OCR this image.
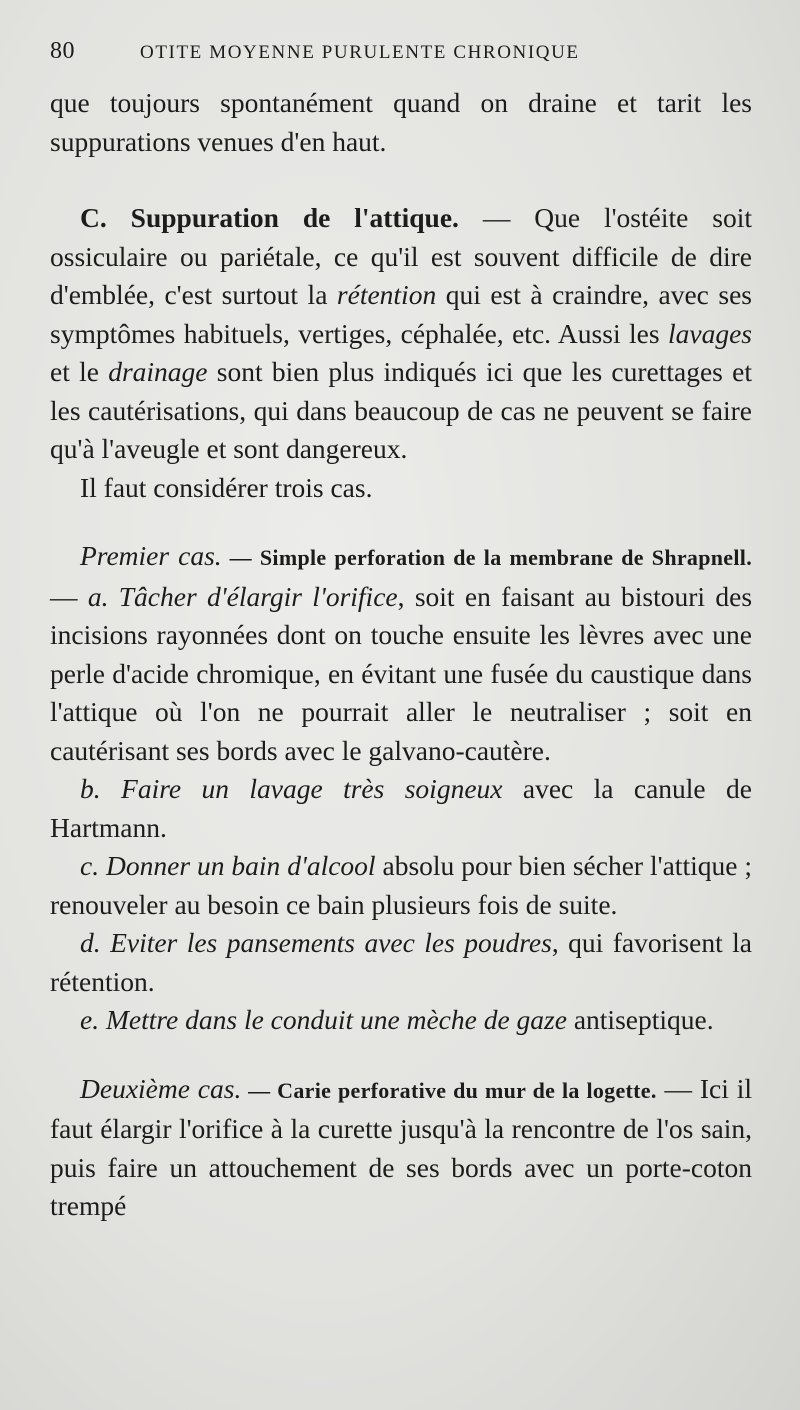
80	OTITE MOYENNE PURULENTE CHRONIQUE

que toujours spontanément quand on draine et tarit les suppurations venues d'en haut.

C. Suppuration de l'attique. — Que l'ostéite soit ossiculaire ou pariétale, ce qu'il est souvent difficile de dire d'emblée, c'est surtout la rétention qui est à craindre, avec ses symptômes habituels, vertiges, céphalée, etc. Aussi les lavages et le drainage sont bien plus indiqués ici que les curettages et les cautérisations, qui dans beaucoup de cas ne peuvent se faire qu'à l'aveugle et sont dangereux.

Il faut considérer trois cas.

Premier cas. — Simple perforation de la membrane de Shrapnell. — a. Tâcher d'élargir l'orifice, soit en faisant au bistouri des incisions rayonnées dont on touche ensuite les lèvres avec une perle d'acide chromique, en évitant une fusée du caustique dans l'attique où l'on ne pourrait aller le neutraliser ; soit en cautérisant ses bords avec le galvano-cautère.

b. Faire un lavage très soigneux avec la canule de Hartmann.

c. Donner un bain d'alcool absolu pour bien sécher l'attique ; renouveler au besoin ce bain plusieurs fois de suite.

d. Eviter les pansements avec les poudres, qui favorisent la rétention.

e. Mettre dans le conduit une mèche de gaze antiseptique.

Deuxième cas. — Carie perforative du mur de la logette. — Ici il faut élargir l'orifice à la curette jusqu'à la rencontre de l'os sain, puis faire un attouchement de ses bords avec un porte-coton trempé
